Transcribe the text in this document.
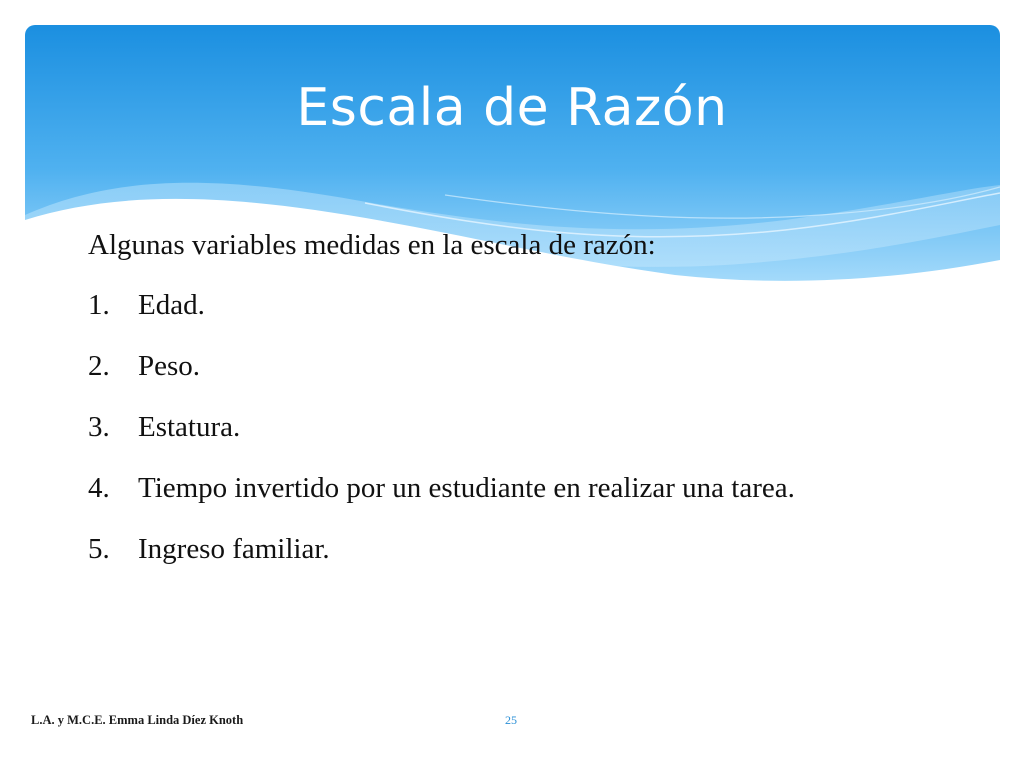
Escala de Razón

Algunas variables medidas en la escala de razón:

1. Edad.
2. Peso.
3. Estatura.
4. Tiempo invertido por un estudiante en realizar una tarea.
5. Ingreso familiar.
L.A. y M.C.E. Emma Linda Díez Knoth	25
